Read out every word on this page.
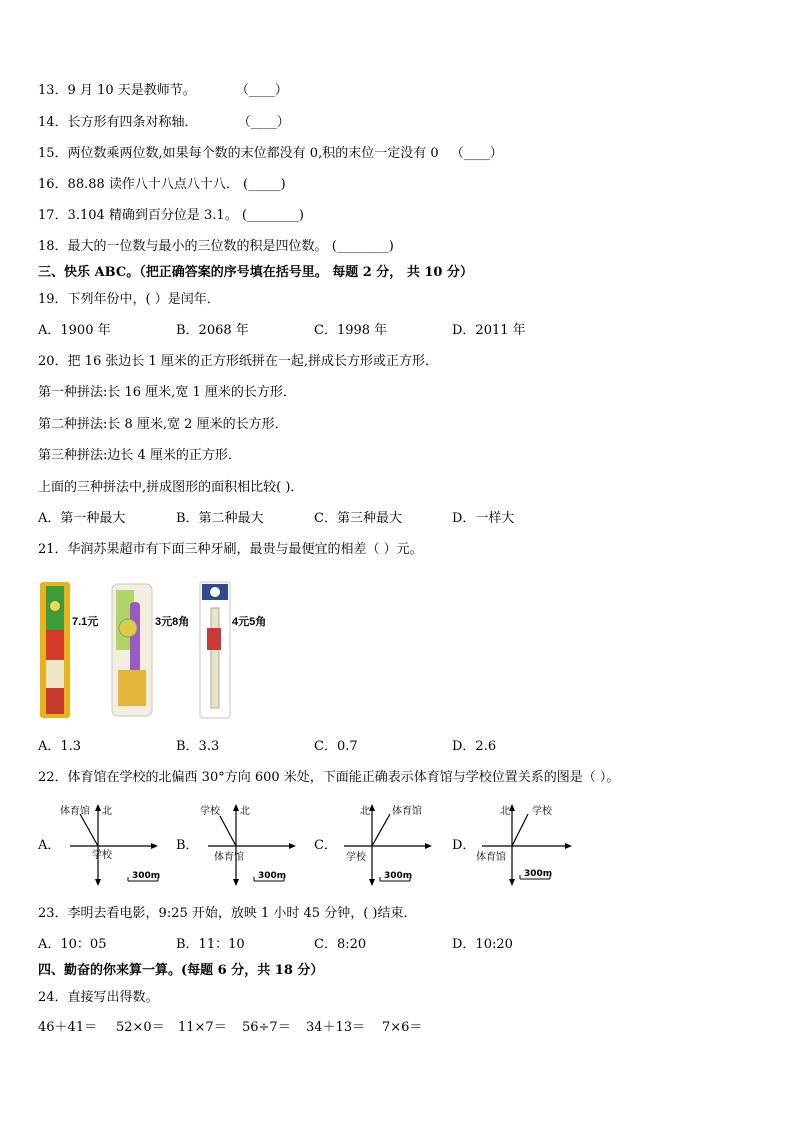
13．9 月 10 天是教师节。	（____）
14．长方形有四条对称轴．	（____）
15．两位数乘两位数,如果每个数的末位都没有 0,积的末位一定没有 0 （____）
16．88.88 读作八十八点八十八． (_____)
17．3.104 精确到百分位是 3.1。 (________)
18．最大的一位数与最小的三位数的积是四位数。 (________)
三、快乐 ABC。（把正确答案的序号填在括号里。 每题 2 分， 共 10 分）
19．下列年份中，( ）是闰年．
A．1900 年	B．2068 年	C．1998 年	D．2011 年
20．把 16 张边长 1 厘米的正方形纸拼在一起,拼成长方形或正方形．
第一种拼法:长 16 厘米,宽 1 厘米的长方形．
第二种拼法:长 8 厘米,宽 2 厘米的长方形．
第三种拼法:边长 4 厘米的正方形．
上面的三种拼法中,拼成图形的面积相比较( )．
A．第一种最大	B．第二种最大	C．第三种最大	D．一样大
21．华润苏果超市有下面三种牙刷，最贵与最便宜的相差（ ）元。
7.1元	3元8角	4元5角
A．1.3	B．3.3	C．0.7	D．2.6
22．体育馆在学校的北偏西 30°方向 600 米处，下面能正确表示体育馆与学校位置关系的图是（ ）。
A．
体育馆 北
学校
300m
B．
学校 北
体育馆
300m
C．
北 体育馆
学校
300m
D．
北 学校
体育馆
300m
23．李明去看电影，9:25 开始，放映 1 小时 45 分钟，( )结束．
A．10：05	B．11：10	C．8:20	D．10:20
四、勤奋的你来算一算。(每题 6 分，共 18 分）
24．直接写出得数。
46＋41＝ 52×0＝ 11×7＝ 56÷7＝ 34＋13＝ 7×6＝
